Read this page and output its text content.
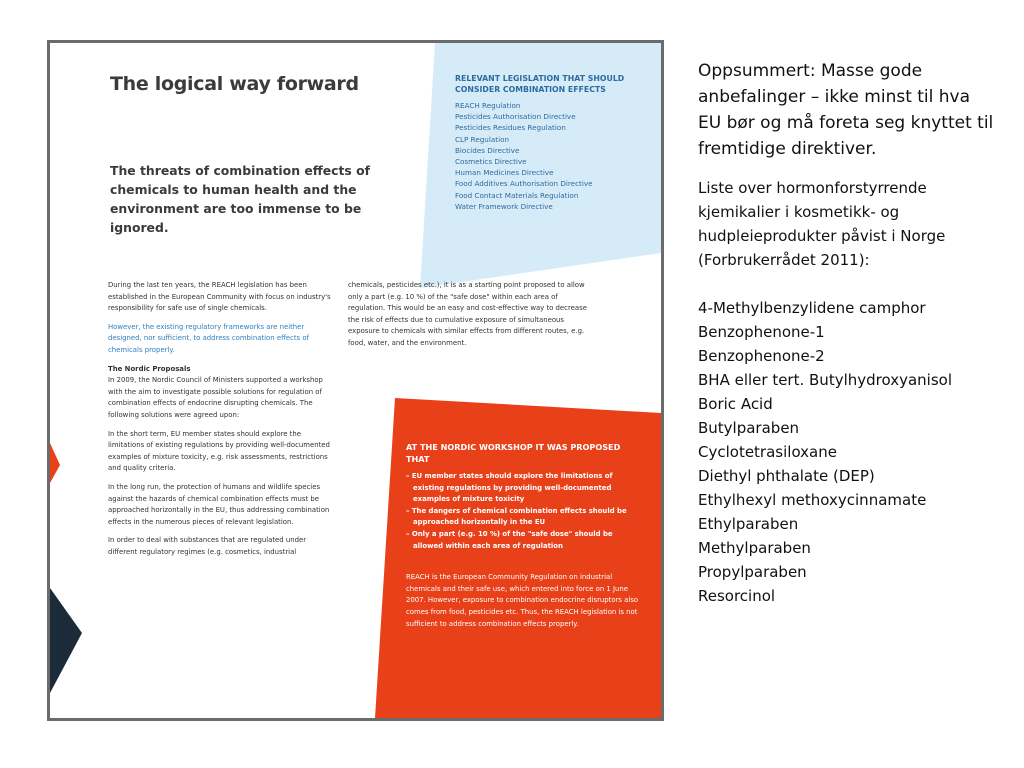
The logical way forward

The threats of combination effects of chemicals to human health and the environment are too immense to be ignored.

RELEVANT LEGISLATION THAT SHOULD CONSIDER COMBINATION EFFECTS
REACH Regulation
Pesticides Authorisation Directive
Pesticides Residues Regulation
CLP Regulation
Biocides Directive
Cosmetics Directive
Human Medicines Directive
Food Additives Authorisation Directive
Food Contact Materials Regulation
Water Framework Directive

During the last ten years, the REACH legislation has been established in the European Community with focus on industry's responsibility for safe use of single chemicals.

However, the existing regulatory frameworks are neither designed, nor sufficient, to address combination effects of chemicals properly.

The Nordic Proposals

In 2009, the Nordic Council of Ministers supported a workshop with the aim to investigate possible solutions for regulation of combination effects of endocrine disrupting chemicals. The following solutions were agreed upon:

In the short term, EU member states should explore the limitations of existing regulations by providing well-documented examples of mixture toxicity, e.g. risk assessments, restrictions and quality criteria.

In the long run, the protection of humans and wildlife species against the hazards of chemical combination effects must be approached horizontally in the EU, thus addressing combination effects in the numerous pieces of relevant legislation.

In order to deal with substances that are regulated under different regulatory regimes (e.g. cosmetics, industrial

chemicals, pesticides etc.), it is as a starting point proposed to allow only a part (e.g. 10 %) of the "safe dose" within each area of regulation. This would be an easy and cost-effective way to decrease the risk of effects due to cumulative exposure of simultaneous exposure to chemicals with similar effects from different routes, e.g. food, water, and the environment.

AT THE NORDIC WORKSHOP IT WAS PROPOSED THAT
– EU member states should explore the limitations of existing regulations by providing well-documented examples of mixture toxicity
– The dangers of chemical combination effects should be approached horizontally in the EU
– Only a part (e.g. 10 %) of the "safe dose" should be allowed within each area of regulation

REACH is the European Community Regulation on industrial chemicals and their safe use, which entered into force on 1 June 2007. However, exposure to combination endocrine disruptors also comes from food, pesticides etc. Thus, the REACH legislation is not sufficient to address combination effects properly.

Oppsummert: Masse gode anbefalinger – ikke minst til hva EU bør og må foreta seg knyttet til fremtidige direktiver.

Liste over hormonforstyrrende kjemikalier i kosmetikk- og hudpleieprodukter påvist i Norge (Forbrukerrådet 2011):

4-Methylbenzylidene camphor
Benzophenone-1
Benzophenone-2
BHA eller tert. Butylhydroxyanisol
Boric Acid
Butylparaben
Cyclotetrasiloxane
Diethyl phthalate (DEP)
Ethylhexyl methoxycinnamate
Ethylparaben
Methylparaben
Propylparaben
Resorcinol
